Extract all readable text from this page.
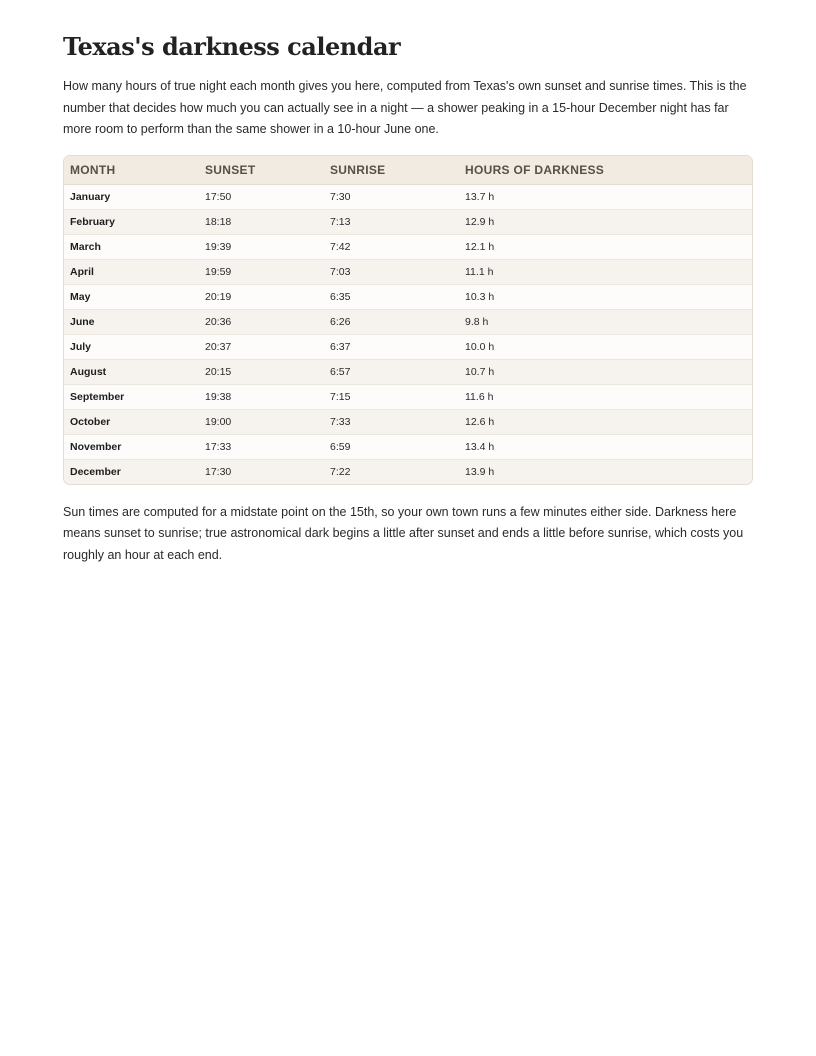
Texas's darkness calendar

How many hours of true night each month gives you here, computed from Texas's own sunset and sunrise times. This is the number that decides how much you can actually see in a night — a shower peaking in a 15-hour December night has far more room to perform than the same shower in a 10-hour June one.

MONTH	SUNSET	SUNRISE	HOURS OF DARKNESS
January	17:50	7:30	13.7 h
February	18:18	7:13	12.9 h
March	19:39	7:42	12.1 h
April	19:59	7:03	11.1 h
May	20:19	6:35	10.3 h
June	20:36	6:26	9.8 h
July	20:37	6:37	10.0 h
August	20:15	6:57	10.7 h
September	19:38	7:15	11.6 h
October	19:00	7:33	12.6 h
November	17:33	6:59	13.4 h
December	17:30	7:22	13.9 h

Sun times are computed for a midstate point on the 15th, so your own town runs a few minutes either side. Darkness here means sunset to sunrise; true astronomical dark begins a little after sunset and ends a little before sunrise, which costs you roughly an hour at each end.
